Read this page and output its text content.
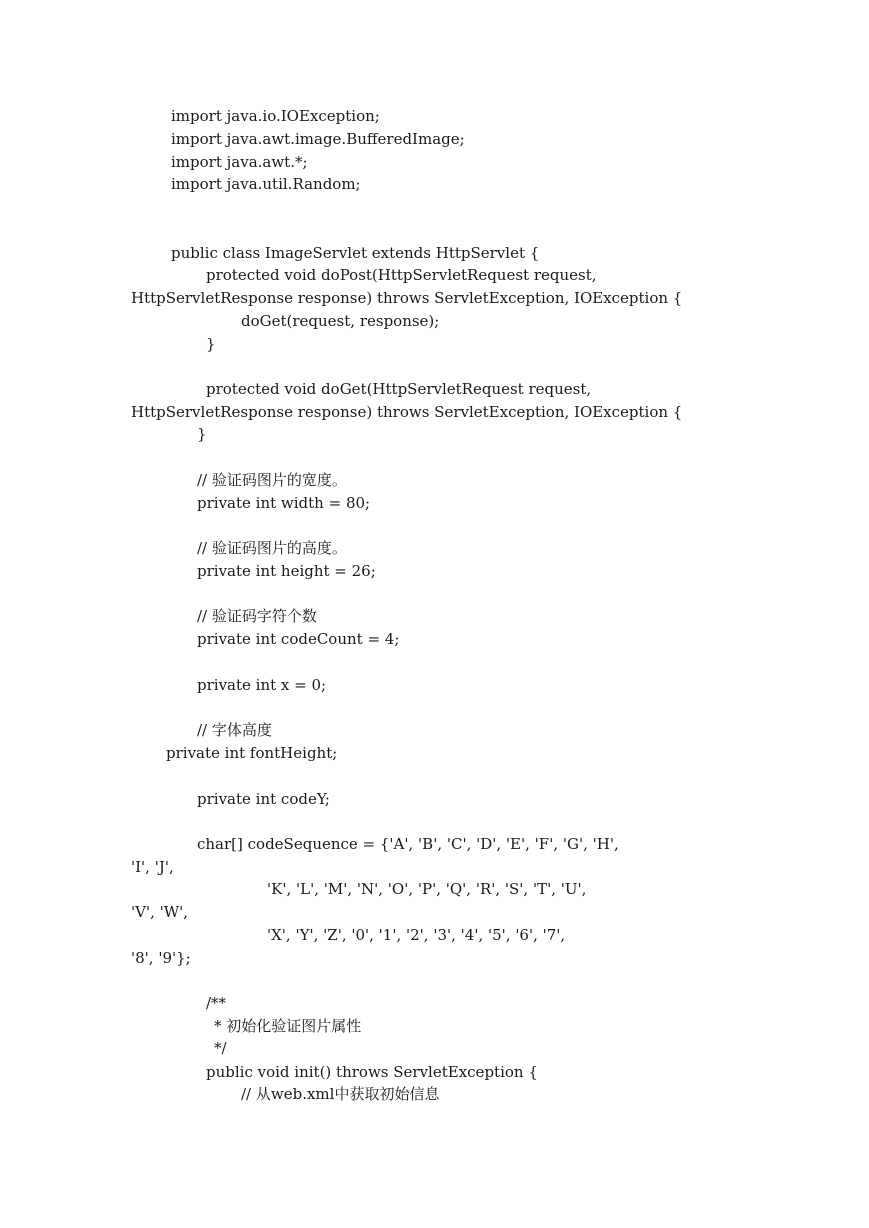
import java.io.IOException;

import java.awt.image.BufferedImage;

import java.awt.*;

import java.util.Random;

public class ImageServlet extends HttpServlet {

protected void doPost(HttpServletRequest request,

HttpServletResponse response) throws ServletException, IOException {

doGet(request, response);

}

protected void doGet(HttpServletRequest request,

HttpServletResponse response) throws ServletException, IOException {

}

// 验证码图片的宽度。

private int width = 80;

// 验证码图片的高度。

private int height = 26;

// 验证码字符个数

private int codeCount = 4;

private int x = 0;

// 字体高度

private int fontHeight;

private int codeY;

char[] codeSequence = {'A', 'B', 'C', 'D', 'E', 'F', 'G', 'H',

'I', 'J',

'K', 'L', 'M', 'N', 'O', 'P', 'Q', 'R', 'S', 'T', 'U',

'V', 'W',

'X', 'Y', 'Z', '0', '1', '2', '3', '4', '5', '6', '7',

'8', '9'};

/**

* 初始化验证图片属性

*/

public void init() throws ServletException {

// 从web.xml中获取初始信息
